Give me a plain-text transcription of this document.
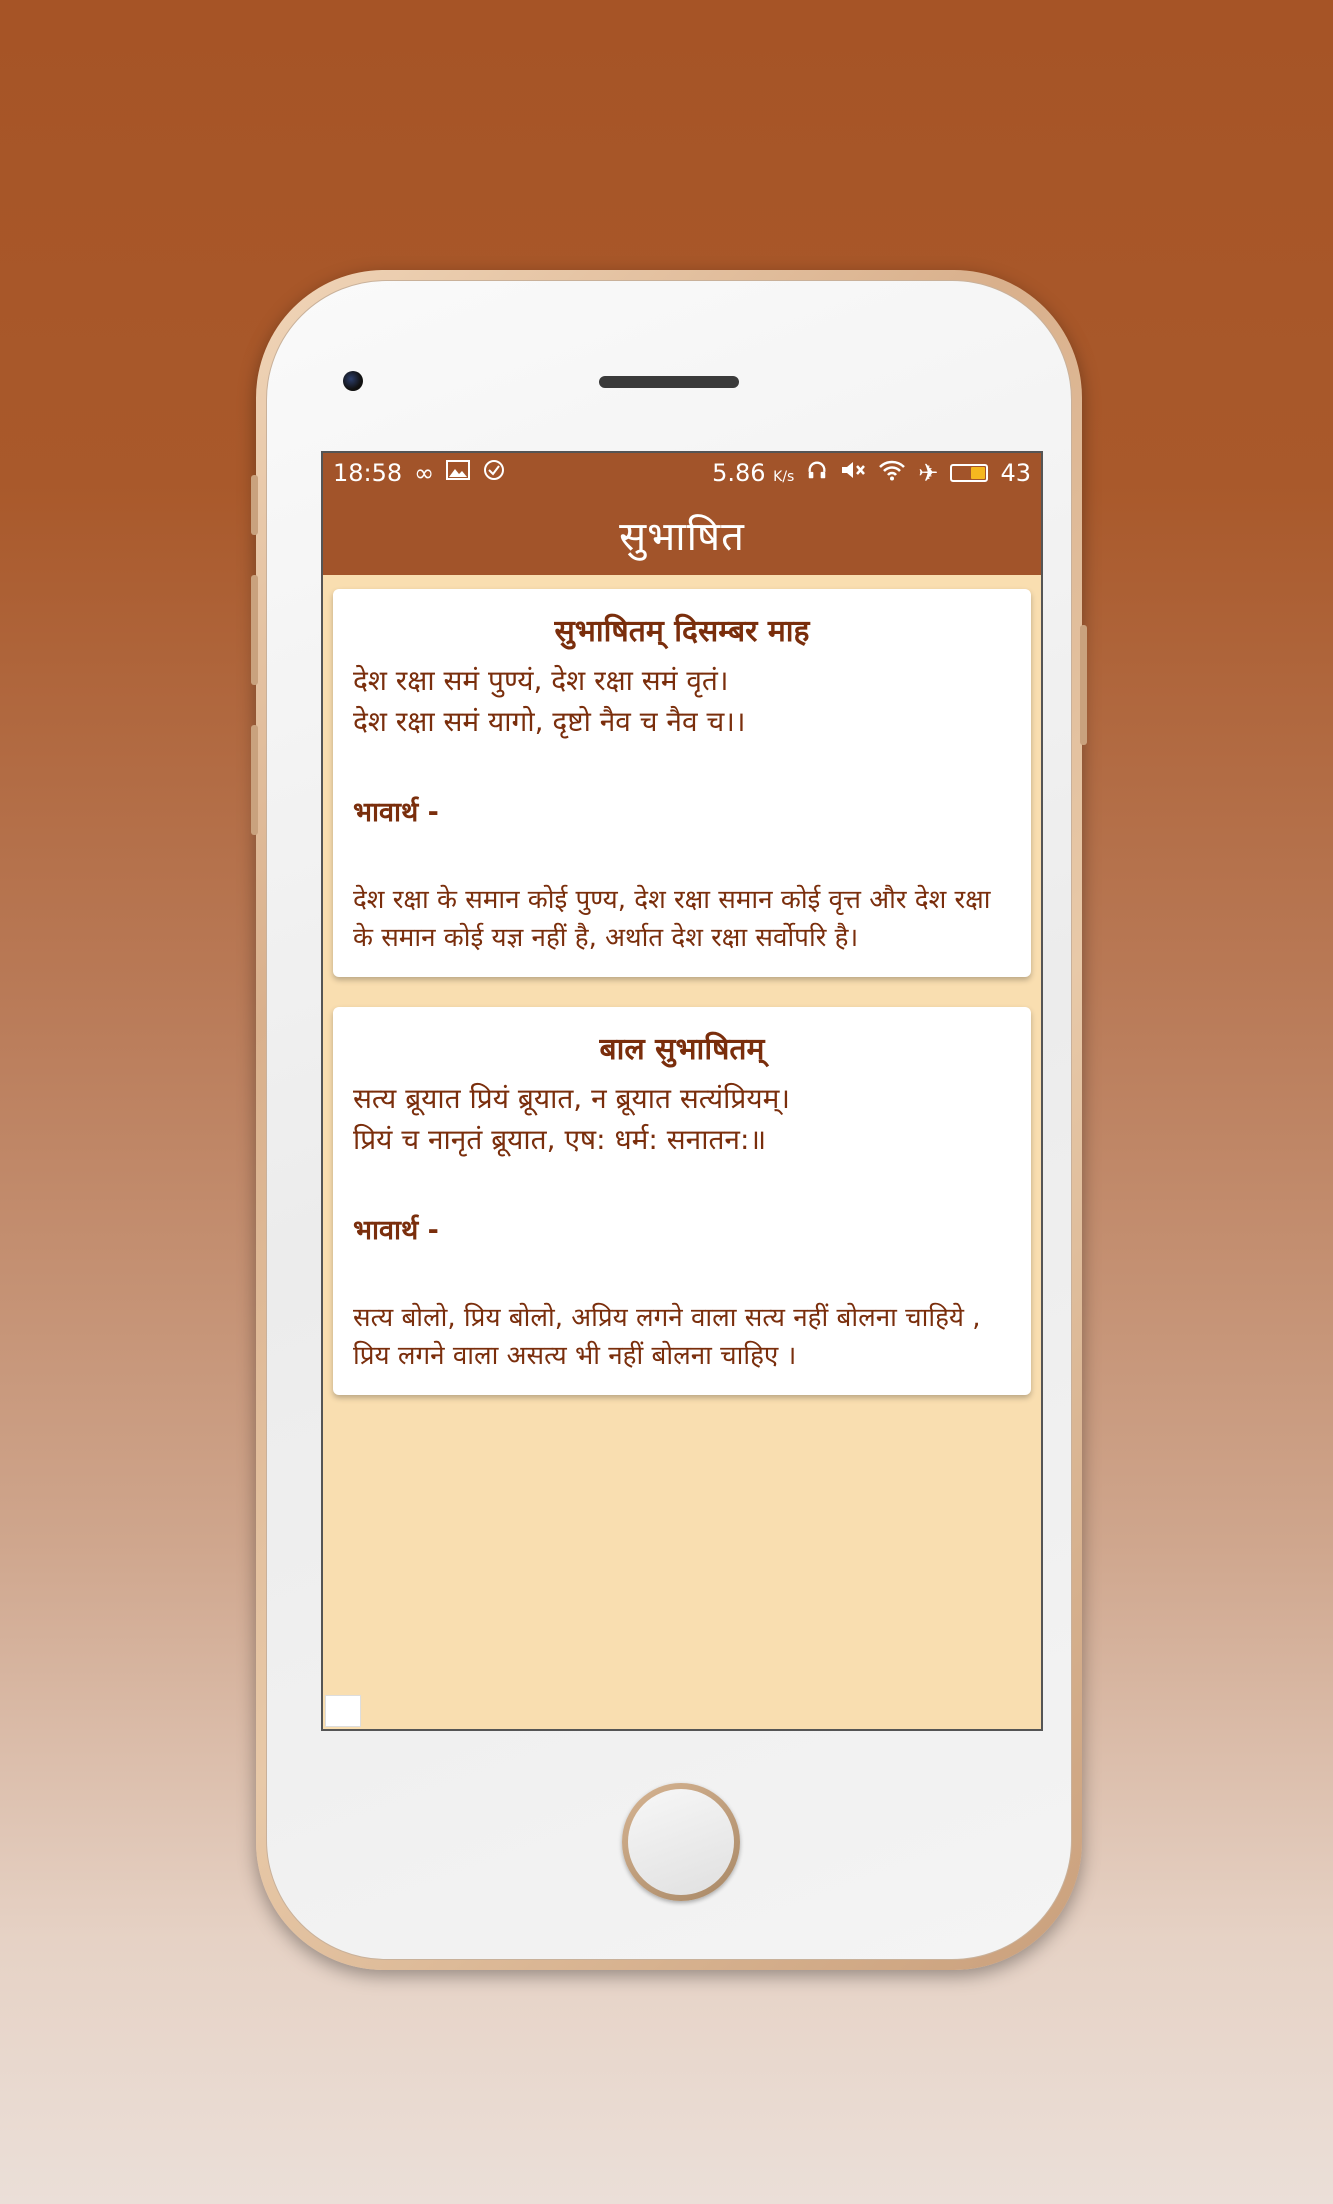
18:58 ∞	5.86 K/s	✈	43
सुभाषित
सुभाषितम् दिसम्बर माह
देश रक्षा समं पुण्यं, देश रक्षा समं वृतं।
देश रक्षा समं यागो, दृष्टो नैव च नैव च।।
भावार्थ -
देश रक्षा के समान कोई पुण्य, देश रक्षा समान कोई वृत्त और देश रक्षा के समान कोई यज्ञ नहीं है, अर्थात देश रक्षा सर्वोपरि है।
बाल सुभाषितम्
सत्य ब्रूयात प्रियं ब्रूयात, न ब्रूयात सत्यंप्रियम्।
प्रियं च नानृतं ब्रूयात, एष: धर्म: सनातन:॥
भावार्थ -
सत्य बोलो, प्रिय बोलो, अप्रिय लगने वाला सत्य नहीं बोलना चाहिये , प्रिय लगने वाला असत्य भी नहीं बोलना चाहिए ।
